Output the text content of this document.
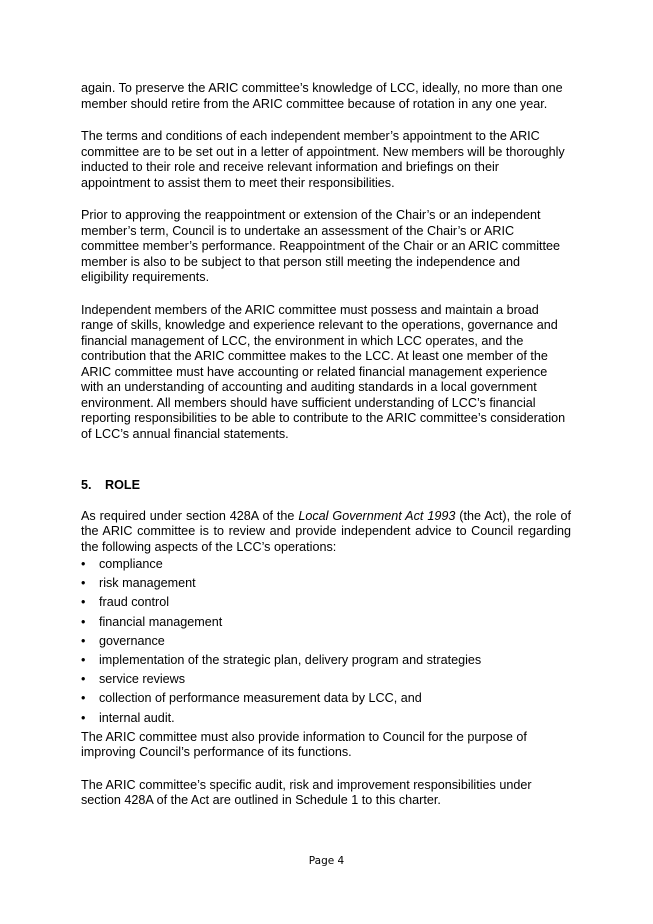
again. To preserve the ARIC committee’s knowledge of LCC, ideally, no more than one member should retire from the ARIC committee because of rotation in any one year.

The terms and conditions of each independent member’s appointment to the ARIC committee are to be set out in a letter of appointment. New members will be thoroughly inducted to their role and receive relevant information and briefings on their appointment to assist them to meet their responsibilities.

Prior to approving the reappointment or extension of the Chair’s or an independent member’s term, Council is to undertake an assessment of the Chair’s or ARIC committee member’s performance. Reappointment of the Chair or an ARIC committee member is also to be subject to that person still meeting the independence and eligibility requirements.

Independent members of the ARIC committee must possess and maintain a broad range of skills, knowledge and experience relevant to the operations, governance and financial management of LCC, the environment in which LCC operates, and the contribution that the ARIC committee makes to the LCC. At least one member of the ARIC committee must have accounting or related financial management experience with an understanding of accounting and auditing standards in a local government environment. All members should have sufficient understanding of LCC’s financial reporting responsibilities to be able to contribute to the ARIC committee’s consideration of LCC’s annual financial statements.

5.	ROLE

As required under section 428A of the Local Government Act 1993 (the Act), the role of the ARIC committee is to review and provide independent advice to Council regarding the following aspects of the LCC’s operations:

• compliance
• risk management
• fraud control
• financial management
• governance
• implementation of the strategic plan, delivery program and strategies
• service reviews
• collection of performance measurement data by LCC, and
• internal audit.

The ARIC committee must also provide information to Council for the purpose of improving Council’s performance of its functions.

The ARIC committee’s specific audit, risk and improvement responsibilities under section 428A of the Act are outlined in Schedule 1 to this charter.

Page 4
